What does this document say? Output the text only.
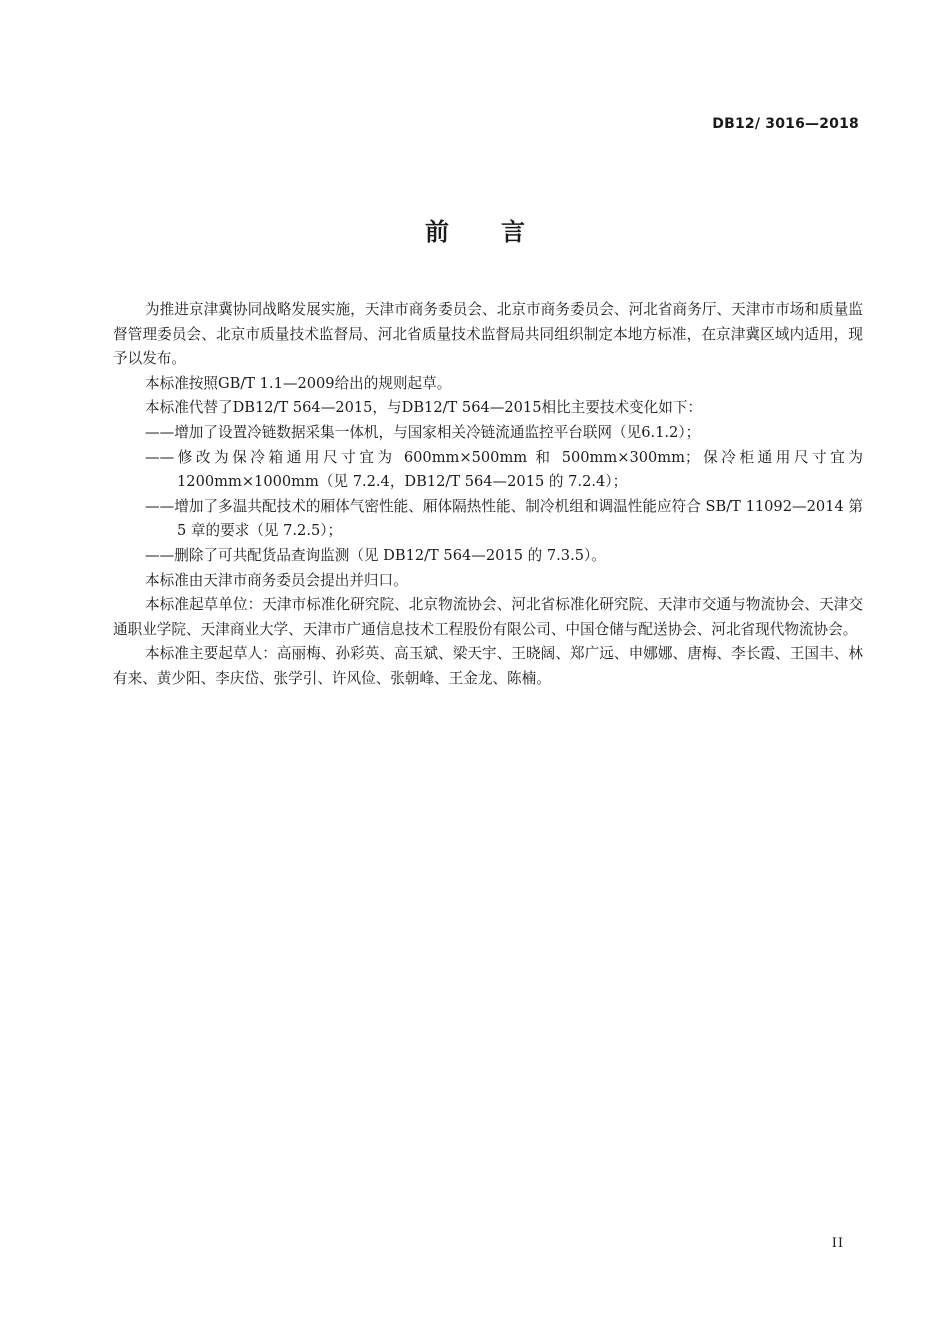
DB12/ 3016—2018
前 言

为推进京津冀协同战略发展实施，天津市商务委员会、北京市商务委员会、河北省商务厅、天津市市场和质量监督管理委员会、北京市质量技术监督局、河北省质量技术监督局共同组织制定本地方标准，在京津冀区域内适用，现予以发布。

本标准按照GB/T 1.1—2009给出的规则起草。

本标准代替了DB12/T 564—2015，与DB12/T 564—2015相比主要技术变化如下：

——增加了设置冷链数据采集一体机，与国家相关冷链流通监控平台联网（见6.1.2）；

——修改为保冷箱通用尺寸宜为 600mm×500mm 和 500mm×300mm；保冷柜通用尺寸宜为 1200mm×1000mm（见 7.2.4，DB12/T 564—2015 的 7.2.4）；

——增加了多温共配技术的厢体气密性能、厢体隔热性能、制冷机组和调温性能应符合 SB/T 11092—2014 第 5 章的要求（见 7.2.5）；

——删除了可共配货品查询监测（见 DB12/T 564—2015 的 7.3.5）。

本标准由天津市商务委员会提出并归口。

本标准起草单位：天津市标准化研究院、北京物流协会、河北省标准化研究院、天津市交通与物流协会、天津交通职业学院、天津商业大学、天津市广通信息技术工程股份有限公司、中国仓储与配送协会、河北省现代物流协会。

本标准主要起草人：高丽梅、孙彩英、高玉斌、梁天宇、王晓阔、郑广远、申娜娜、唐梅、李长霞、王国丰、林有来、黄少阳、李庆岱、张学引、许风俭、张朝峰、王金龙、陈楠。

II
